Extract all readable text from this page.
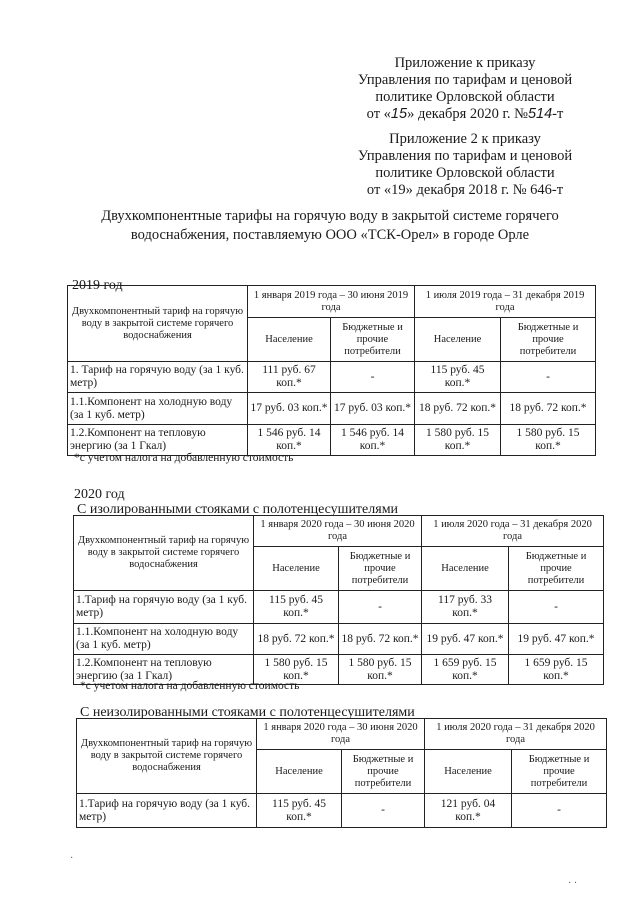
Приложение к приказу
Управления по тарифам и ценовой
политике Орловской области
от «15» декабря 2020 г. №514-т
Приложение 2 к приказу
Управления по тарифам и ценовой
политике Орловской области
от «19» декабря 2018 г. № 646-т
Двухкомпонентные тарифы на горячую воду в закрытой системе горячего
водоснабжения, поставляемую ООО «ТСК-Орел» в городе Орле
2019 год
Двухкомпонентный тариф на горячую воду в закрытой системе горячего водоснабжения	1 января 2019 года – 30 июня 2019 года		1 июля 2019 года – 31 декабря 2019 года	
	Население	Бюджетные и прочие потребители	Население	Бюджетные и прочие потребители
1. Тариф на горячую воду (за 1 куб. метр)	111 руб. 67 коп.*	-	115 руб. 45 коп.*	-
1.1.Компонент на холодную воду (за 1 куб. метр)	17 руб. 03 коп.*	17 руб. 03 коп.*	18 руб. 72 коп.*	18 руб. 72 коп.*
1.2.Компонент на тепловую энергию (за 1 Гкал)	1 546 руб. 14 коп.*	1 546 руб. 14 коп.*	1 580 руб. 15 коп.*	1 580 руб. 15 коп.*
*с учетом налога на добавленную стоимость
2020 год
С изолированными стояками с полотенцесушителями
Двухкомпонентный тариф на горячую воду в закрытой системе горячего водоснабжения	1 января 2020 года – 30 июня 2020 года		1 июля 2020 года – 31 декабря 2020 года	
	Население	Бюджетные и прочие потребители	Население	Бюджетные и прочие потребители
1.Тариф на горячую воду (за 1 куб. метр)	115 руб. 45 коп.*	-	117 руб. 33 коп.*	-
1.1.Компонент на холодную воду (за 1 куб. метр)	18 руб. 72 коп.*	18 руб. 72 коп.*	19 руб. 47 коп.*	19 руб. 47 коп.*
1.2.Компонент на тепловую энергию (за 1 Гкал)	1 580 руб. 15 коп.*	1 580 руб. 15 коп.*	1 659 руб. 15 коп.*	1 659 руб. 15 коп.*
*с учетом налога на добавленную стоимость
С неизолированными стояками с полотенцесушителями
Двухкомпонентный тариф на горячую воду в закрытой системе горячего водоснабжения	1 января 2020 года – 30 июня 2020 года		1 июля 2020 года – 31 декабря 2020 года	
	Население	Бюджетные и прочие потребители	Население	Бюджетные и прочие потребители
1.Тариф на горячую воду (за 1 куб. метр)	115 руб. 45 коп.*	-	121 руб. 04 коп.*	-
·
· ·
